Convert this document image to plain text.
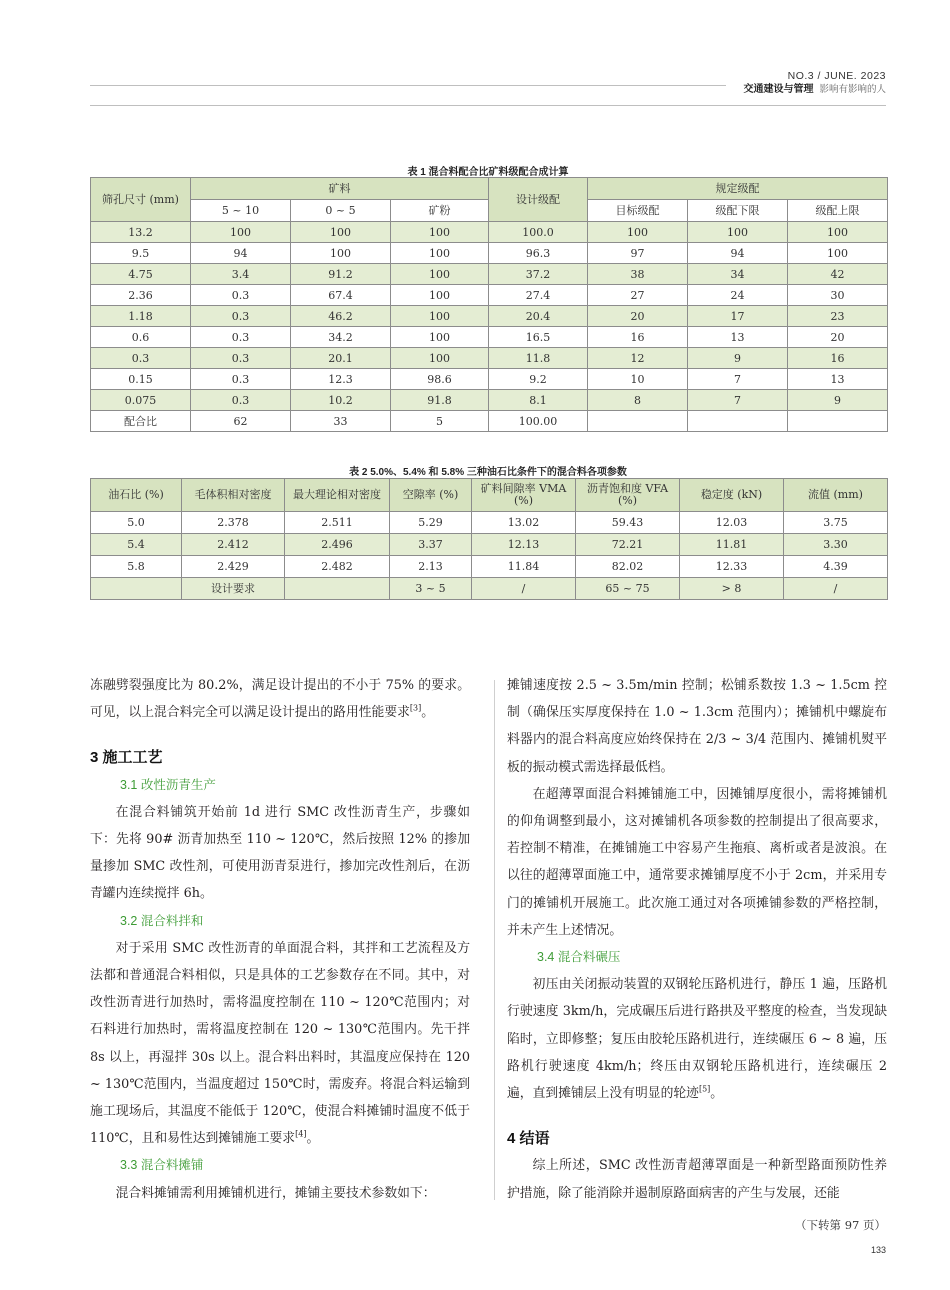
NO.3 / JUNE. 2023
交通建设与管理 影响有影响的人
表 1 混合料配合比矿料级配合成计算
筛孔尺寸 (mm)	矿料			设计级配	规定级配		
	5 ~ 10	0 ~ 5	矿粉		目标级配	级配下限	级配上限
13.2	100	100	100	100.0	100	100	100
9.5	94	100	100	96.3	97	94	100
4.75	3.4	91.2	100	37.2	38	34	42
2.36	0.3	67.4	100	27.4	27	24	30
1.18	0.3	46.2	100	20.4	20	17	23
0.6	0.3	34.2	100	16.5	16	13	20
0.3	0.3	20.1	100	11.8	12	9	16
0.15	0.3	12.3	98.6	9.2	10	7	13
0.075	0.3	10.2	91.8	8.1	8	7	9
配合比	62	33	5	100.00			
表 2 5.0%、5.4% 和 5.8% 三种油石比条件下的混合料各项参数
油石比 (%)	毛体积相对密度	最大理论相对密度	空隙率 (%)	矿料间隙率 VMA (%)	沥青饱和度 VFA (%)	稳定度 (kN)	流值 (mm)
5.0	2.378	2.511	5.29	13.02	59.43	12.03	3.75
5.4	2.412	2.496	3.37	12.13	72.21	11.81	3.30
5.8	2.429	2.482	2.13	11.84	82.02	12.33	4.39
	设计要求		3 ~ 5	/	65 ~ 75	> 8	/

冻融劈裂强度比为 80.2%，满足设计提出的不小于 75% 的要求。可见，以上混合料完全可以满足设计提出的路用性能要求[3]。

3 施工工艺
3.1 改性沥青生产

在混合料铺筑开始前 1d 进行 SMC 改性沥青生产，步骤如下：先将 90# 沥青加热至 110 ~ 120℃，然后按照 12% 的掺加量掺加 SMC 改性剂，可使用沥青泵进行，掺加完改性剂后，在沥青罐内连续搅拌 6h。

3.2 混合料拌和

对于采用 SMC 改性沥青的单面混合料，其拌和工艺流程及方法都和普通混合料相似，只是具体的工艺参数存在不同。其中，对改性沥青进行加热时，需将温度控制在 110 ~ 120℃范围内；对石料进行加热时，需将温度控制在 120 ~ 130℃范围内。先干拌 8s 以上，再湿拌 30s 以上。混合料出料时，其温度应保持在 120 ~ 130℃范围内，当温度超过 150℃时，需废弃。将混合料运输到施工现场后，其温度不能低于 120℃，使混合料摊铺时温度不低于 110℃，且和易性达到摊铺施工要求[4]。

3.3 混合料摊铺

混合料摊铺需利用摊铺机进行，摊铺主要技术参数如下：

摊铺速度按 2.5 ~ 3.5m/min 控制；松铺系数按 1.3 ~ 1.5cm 控制（确保压实厚度保持在 1.0 ~ 1.3cm 范围内）；摊铺机中螺旋布料器内的混合料高度应始终保持在 2/3 ~ 3/4 范围内、摊铺机熨平板的振动模式需选择最低档。

在超薄罩面混合料摊铺施工中，因摊铺厚度很小，需将摊铺机的仰角调整到最小，这对摊铺机各项参数的控制提出了很高要求，若控制不精准，在摊铺施工中容易产生拖痕、离析或者是波浪。在以往的超薄罩面施工中，通常要求摊铺厚度不小于 2cm，并采用专门的摊铺机开展施工。此次施工通过对各项摊铺参数的严格控制，并未产生上述情况。

3.4 混合料碾压

初压由关闭振动装置的双钢轮压路机进行，静压 1 遍，压路机行驶速度 3km/h，完成碾压后进行路拱及平整度的检查，当发现缺陷时，立即修整；复压由胶轮压路机进行，连续碾压 6 ~ 8 遍，压路机行驶速度 4km/h；终压由双钢轮压路机进行，连续碾压 2 遍，直到摊铺层上没有明显的轮迹[5]。

4 结语

综上所述，SMC 改性沥青超薄罩面是一种新型路面预防性养护措施，除了能消除并遏制原路面病害的产生与发展，还能

（下转第 97 页）
133
